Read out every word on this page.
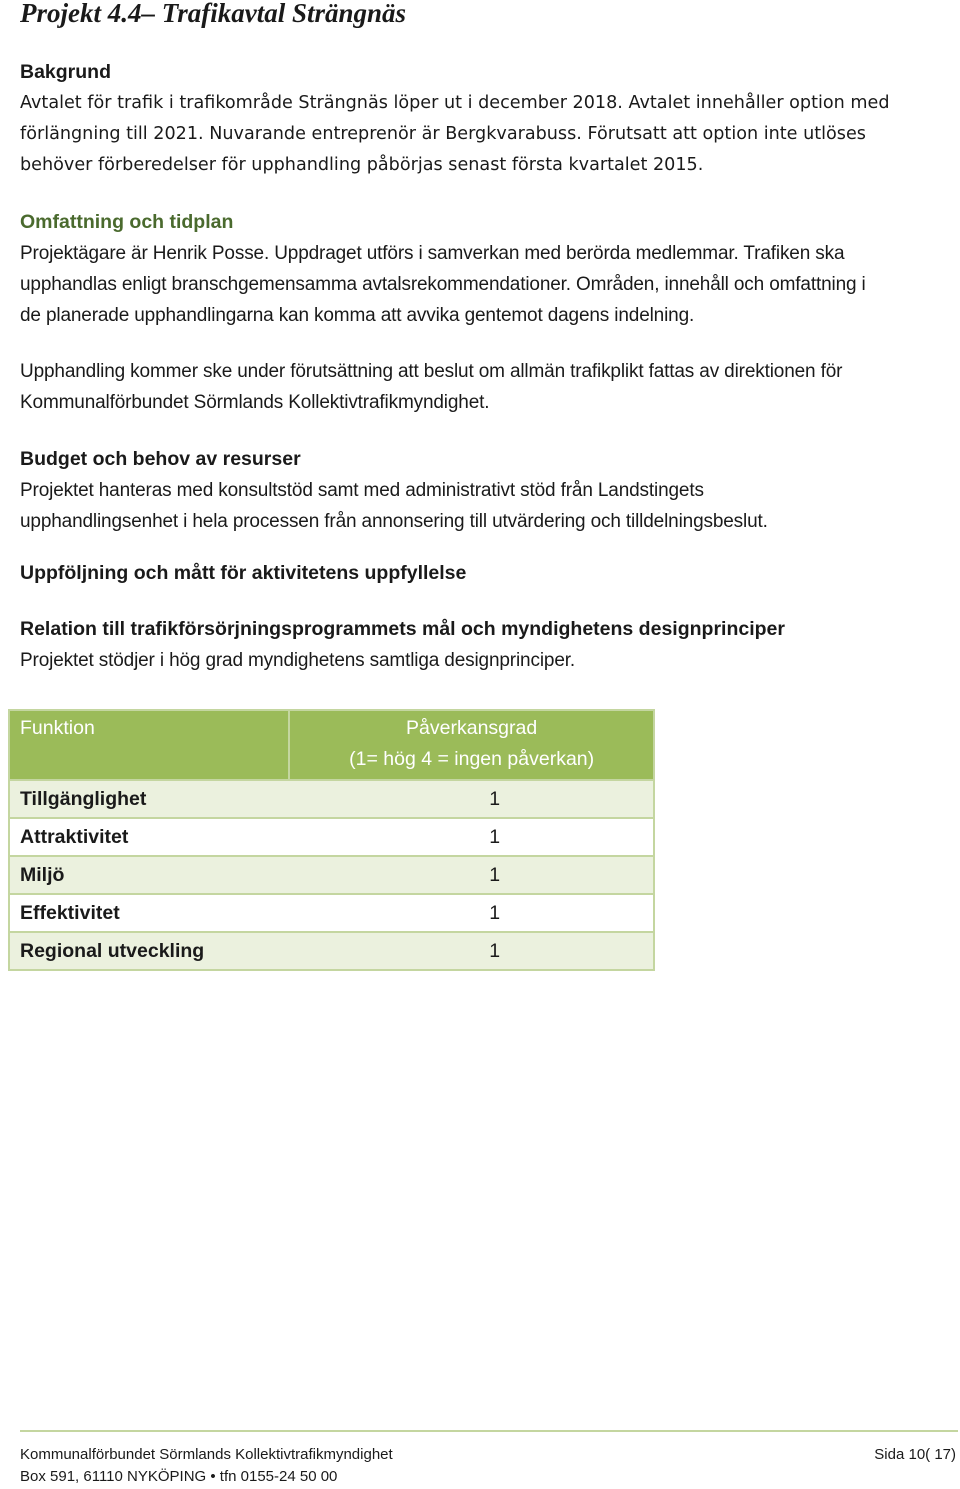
Projekt 4.4– Trafikavtal Strängnäs

Bakgrund

Avtalet för trafik i trafikområde Strängnäs löper ut i december 2018. Avtalet innehåller option med
förlängning till 2021. Nuvarande entreprenör är Bergkvarabuss. Förutsatt att option inte utlöses
behöver förberedelser för upphandling påbörjas senast första kvartalet 2015.

Omfattning och tidplan

Projektägare är Henrik Posse. Uppdraget utförs i samverkan med berörda medlemmar. Trafiken ska
upphandlas enligt branschgemensamma avtalsrekommendationer. Områden, innehåll och omfattning i
de planerade upphandlingarna kan komma att avvika gentemot dagens indelning.

Upphandling kommer ske under förutsättning att beslut om allmän trafikplikt fattas av direktionen för
Kommunalförbundet Sörmlands Kollektivtrafikmyndighet.

Budget och behov av resurser

Projektet hanteras med konsultstöd samt med administrativt stöd från Landstingets
upphandlingsenhet i hela processen från annonsering till utvärdering och tilldelningsbeslut.

Uppföljning och mått för aktivitetens uppfyllelse

Relation till trafikförsörjningsprogrammets mål och myndighetens designprinciper

Projektet stödjer i hög grad myndighetens samtliga designprinciper.

Funktion	Påverkansgrad
(1= hög 4 = ingen påverkan)

Tillgänglighet	1
Attraktivitet	1
Miljö	1
Effektivitet	1
Regional utveckling	1
Kommunalförbundet Sörmlands Kollektivtrafikmyndighet	Sida 10( 17)
Box 591, 61110 NYKÖPING • tfn 0155-24 50 00
